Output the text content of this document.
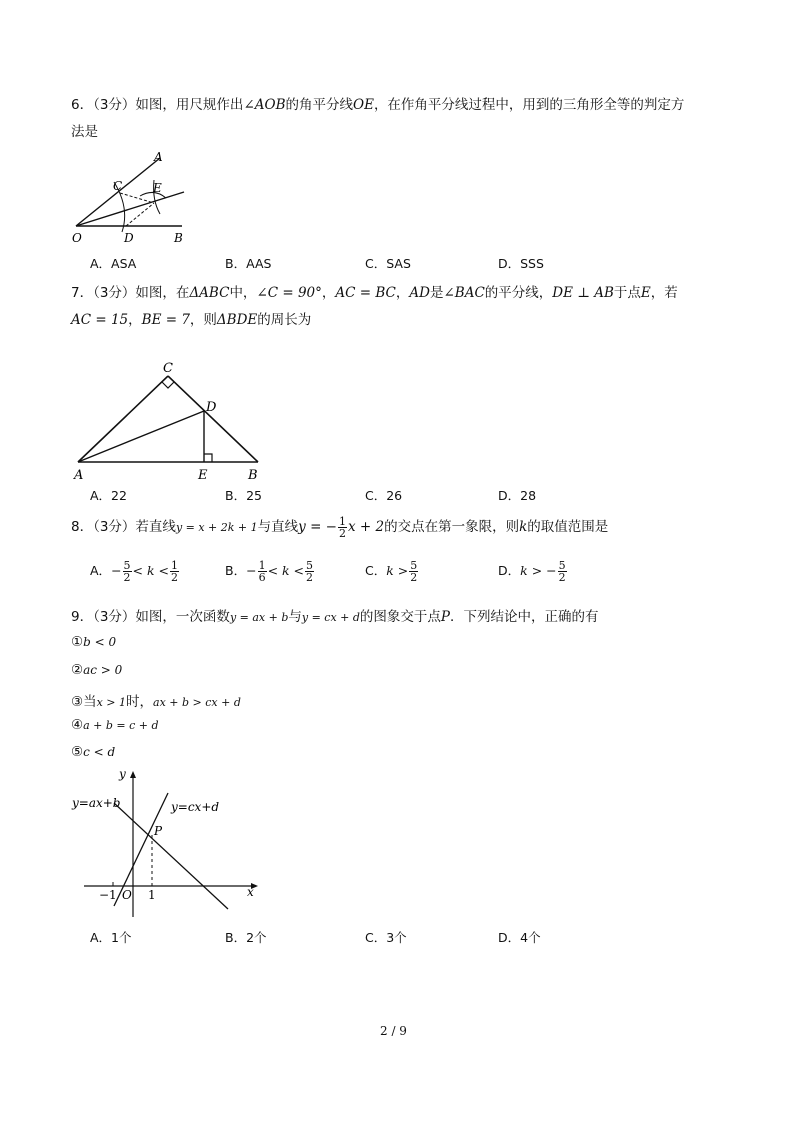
6．（3分）如图，用尺规作出∠AOB的角平分线OE，在作角平分线过程中，用到的三角形全等的判定方
法是
A
C	E
O	D	B
A．ASA	B．AAS	C．SAS	D．SSS
7．（3分）如图，在ΔABC中，∠C = 90°，AC = BC，AD是∠BAC的平分线，DE ⊥ AB于点E，若
AC = 15，BE = 7，则ΔBDE的周长为
C
D
A	E	B
A．22	B．25	C．26	D．28
8．（3分）若直线y = x + 2k + 1与直线y = − $\frac{1}{2}$ x + 2的交点在第一象限，则k的取值范围是
A．− $\frac{5}{2} < k < \frac{1}{2}$	B．− $\frac{1}{6} < k < \frac{5}{2}$	C．$k > \frac{5}{2}$	D．k > − $\frac{5}{2}$
9．（3分）如图，一次函数y = ax + b与y = cx + d的图象交于点P．下列结论中，正确的有
①b < 0
②ac > 0
③当x > 1时，ax + b > cx + d
④a + b = c + d
⑤c < d
y
x
y=ax+b	y=cx+d
P
−1 O 1
A．1个	B．2个	C．3个	D．4个
2 / 9
